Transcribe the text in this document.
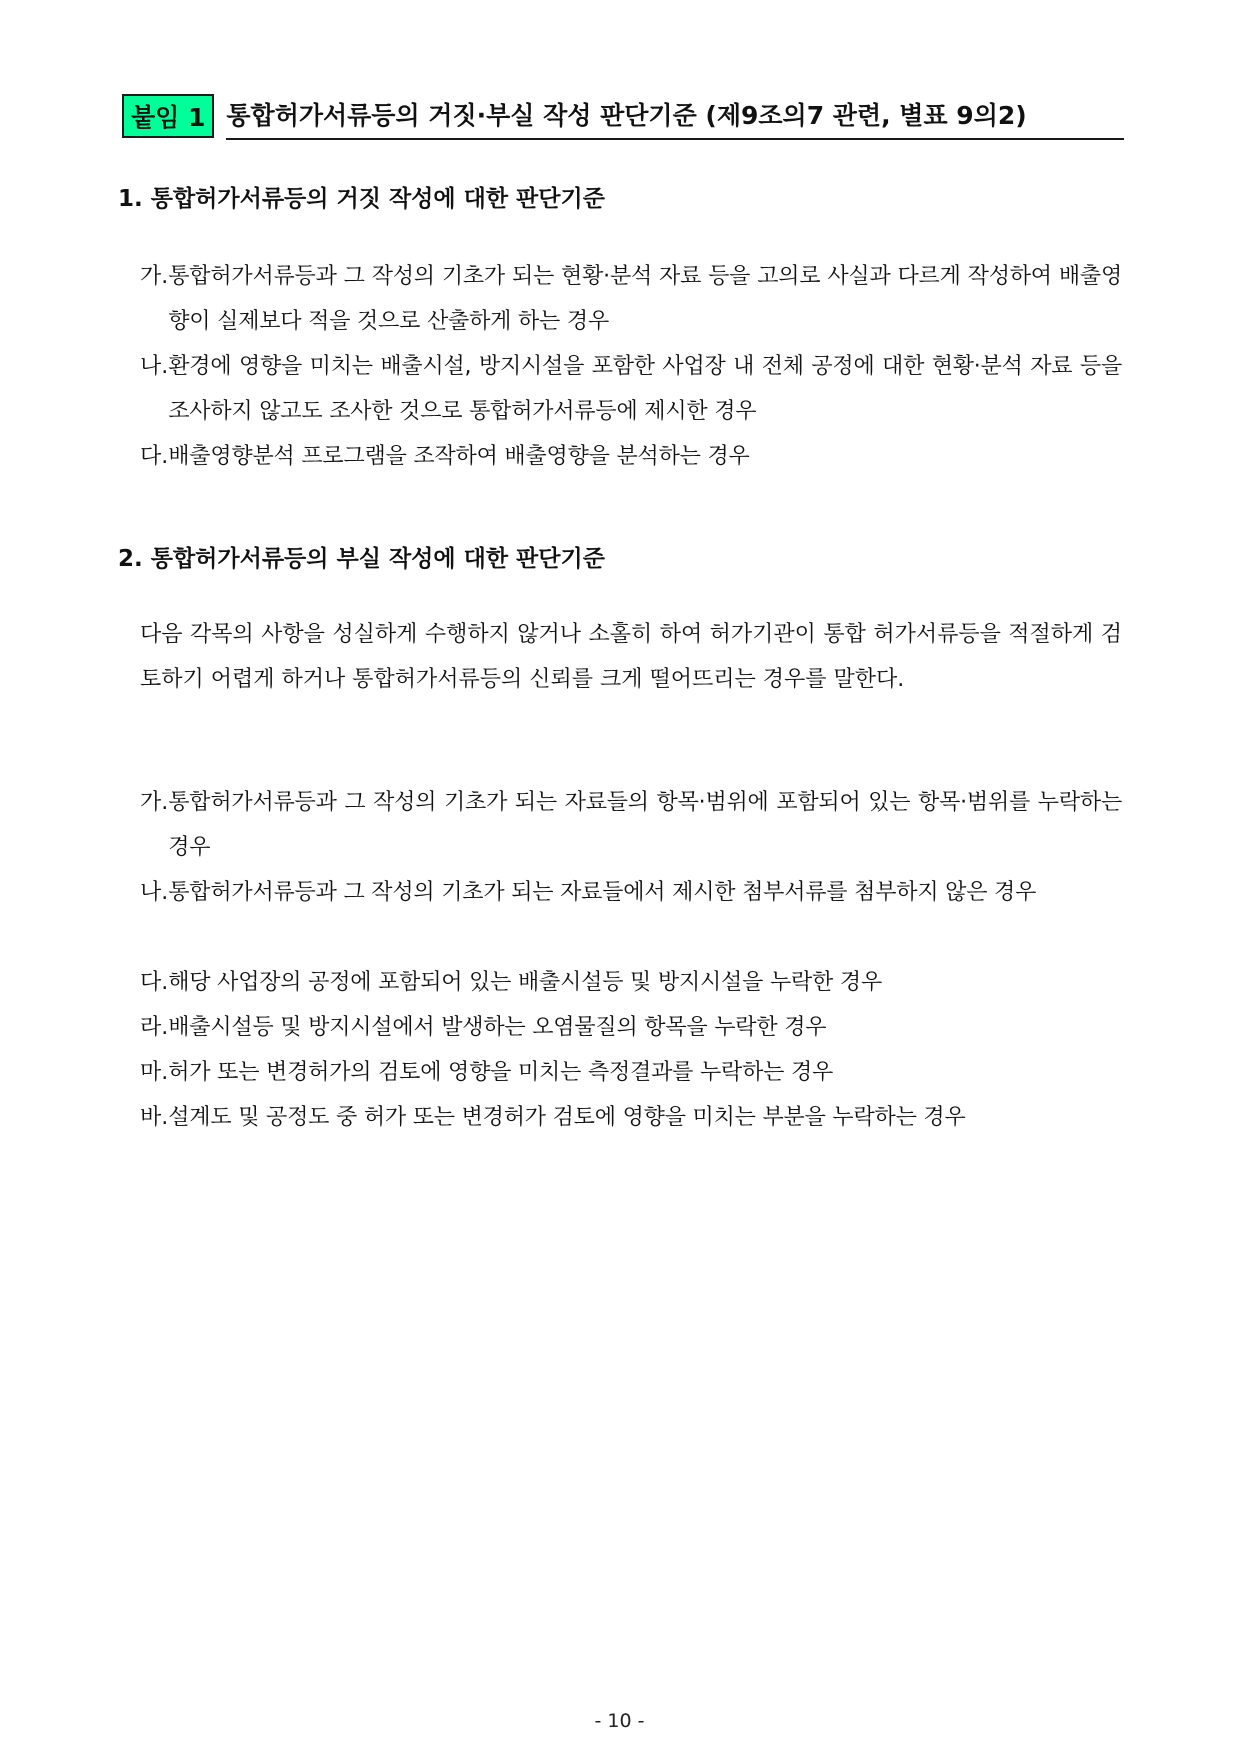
붙임 1 통합허가서류등의 거짓·부실 작성 판단기준 (제9조의7 관련, 별표 9의2)
1. 통합허가서류등의 거짓 작성에 대한 판단기준
가. 통합허가서류등과 그 작성의 기초가 되는 현황·분석 자료 등을 고의로 사실과 다르게 작성하여 배출영향이 실제보다 적을 것으로 산출하게 하는 경우
나. 환경에 영향을 미치는 배출시설, 방지시설을 포함한 사업장 내 전체 공정에 대한 현황·분석 자료 등을 조사하지 않고도 조사한 것으로 통합허가서류등에 제시한 경우
다. 배출영향분석 프로그램을 조작하여 배출영향을 분석하는 경우
2. 통합허가서류등의 부실 작성에 대한 판단기준
다음 각목의 사항을 성실하게 수행하지 않거나 소홀히 하여 허가기관이 통합 허가서류등을 적절하게 검토하기 어렵게 하거나 통합허가서류등의 신뢰를 크게 떨어뜨리는 경우를 말한다.
가. 통합허가서류등과 그 작성의 기초가 되는 자료들의 항목·범위에 포함되어 있는 항목·범위를 누락하는 경우
나. 통합허가서류등과 그 작성의 기초가 되는 자료들에서 제시한 첨부서류를 첨부하지 않은 경우
다. 해당 사업장의 공정에 포함되어 있는 배출시설등 및 방지시설을 누락한 경우
라. 배출시설등 및 방지시설에서 발생하는 오염물질의 항목을 누락한 경우
마. 허가 또는 변경허가의 검토에 영향을 미치는 측정결과를 누락하는 경우
바. 설계도 및 공정도 중 허가 또는 변경허가 검토에 영향을 미치는 부분을 누락하는 경우
- 10 -
